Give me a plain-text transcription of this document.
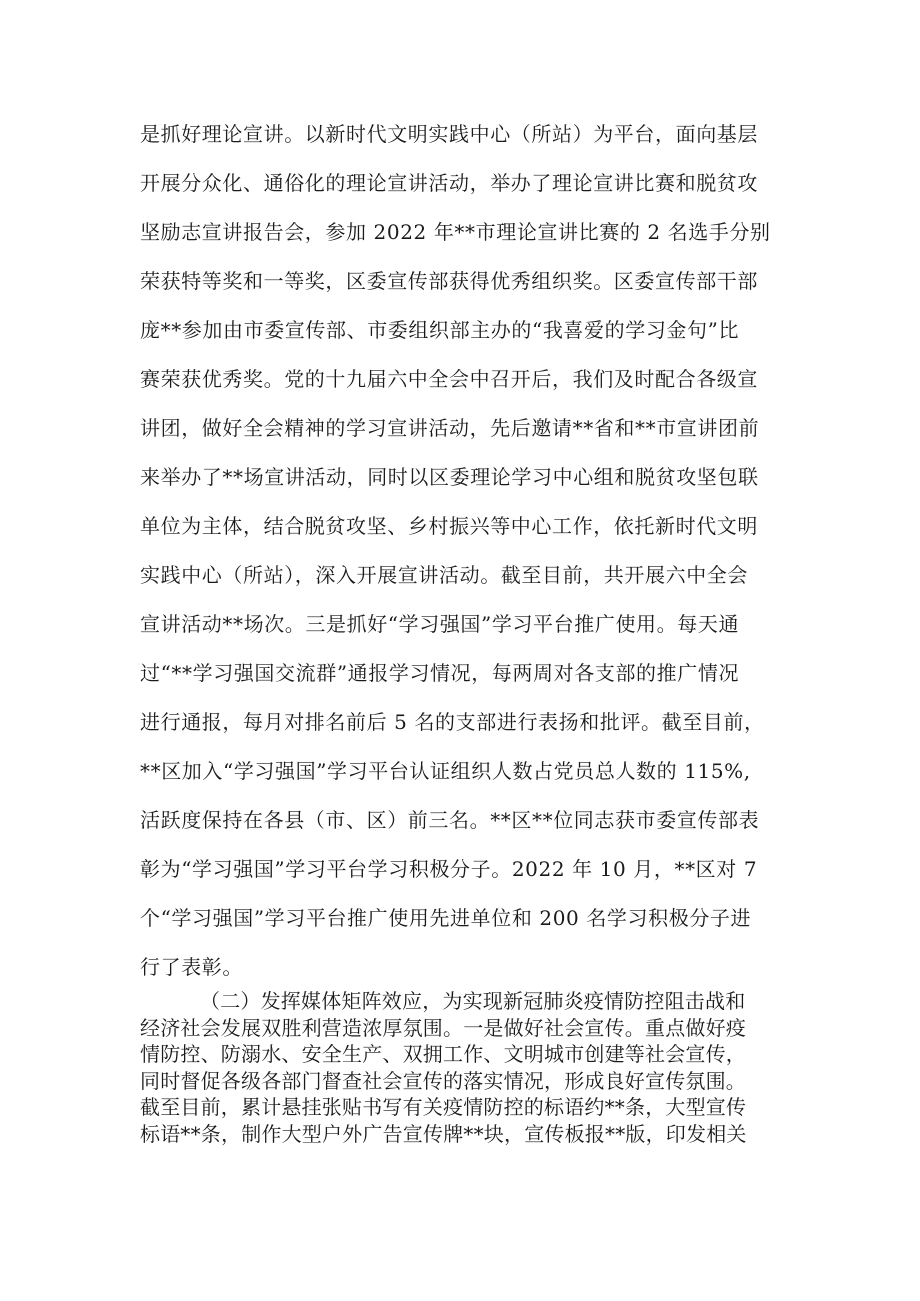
是抓好理论宣讲。以新时代文明实践中心（所站）为平台，面向基层
开展分众化、通俗化的理论宣讲活动，举办了理论宣讲比赛和脱贫攻
坚励志宣讲报告会，参加 2022 年**市理论宣讲比赛的 2 名选手分别
荣获特等奖和一等奖，区委宣传部获得优秀组织奖。区委宣传部干部
庞**参加由市委宣传部、市委组织部主办的“我喜爱的学习金句”比
赛荣获优秀奖。党的十九届六中全会中召开后，我们及时配合各级宣
讲团，做好全会精神的学习宣讲活动，先后邀请**省和**市宣讲团前
来举办了**场宣讲活动，同时以区委理论学习中心组和脱贫攻坚包联
单位为主体，结合脱贫攻坚、乡村振兴等中心工作，依托新时代文明
实践中心（所站），深入开展宣讲活动。截至目前，共开展六中全会
宣讲活动**场次。三是抓好“学习强国”学习平台推广使用。每天通
过“**学习强国交流群”通报学习情况，每两周对各支部的推广情况
进行通报，每月对排名前后 5 名的支部进行表扬和批评。截至目前，
**区加入“学习强国”学习平台认证组织人数占党员总人数的 115%,
活跃度保持在各县（市、区）前三名。**区**位同志获市委宣传部表
彰为“学习强国”学习平台学习积极分子。2022 年 10 月，**区对 7
个“学习强国”学习平台推广使用先进单位和 200 名学习积极分子进
行了表彰。
（二）发挥媒体矩阵效应，为实现新冠肺炎疫情防控阻击战和
经济社会发展双胜利营造浓厚氛围。一是做好社会宣传。重点做好疫
情防控、防溺水、安全生产、双拥工作、文明城市创建等社会宣传，
同时督促各级各部门督查社会宣传的落实情况，形成良好宣传氛围。
截至目前，累计悬挂张贴书写有关疫情防控的标语约**条，大型宣传
标语**条，制作大型户外广告宣传牌**块，宣传板报**版，印发相关
